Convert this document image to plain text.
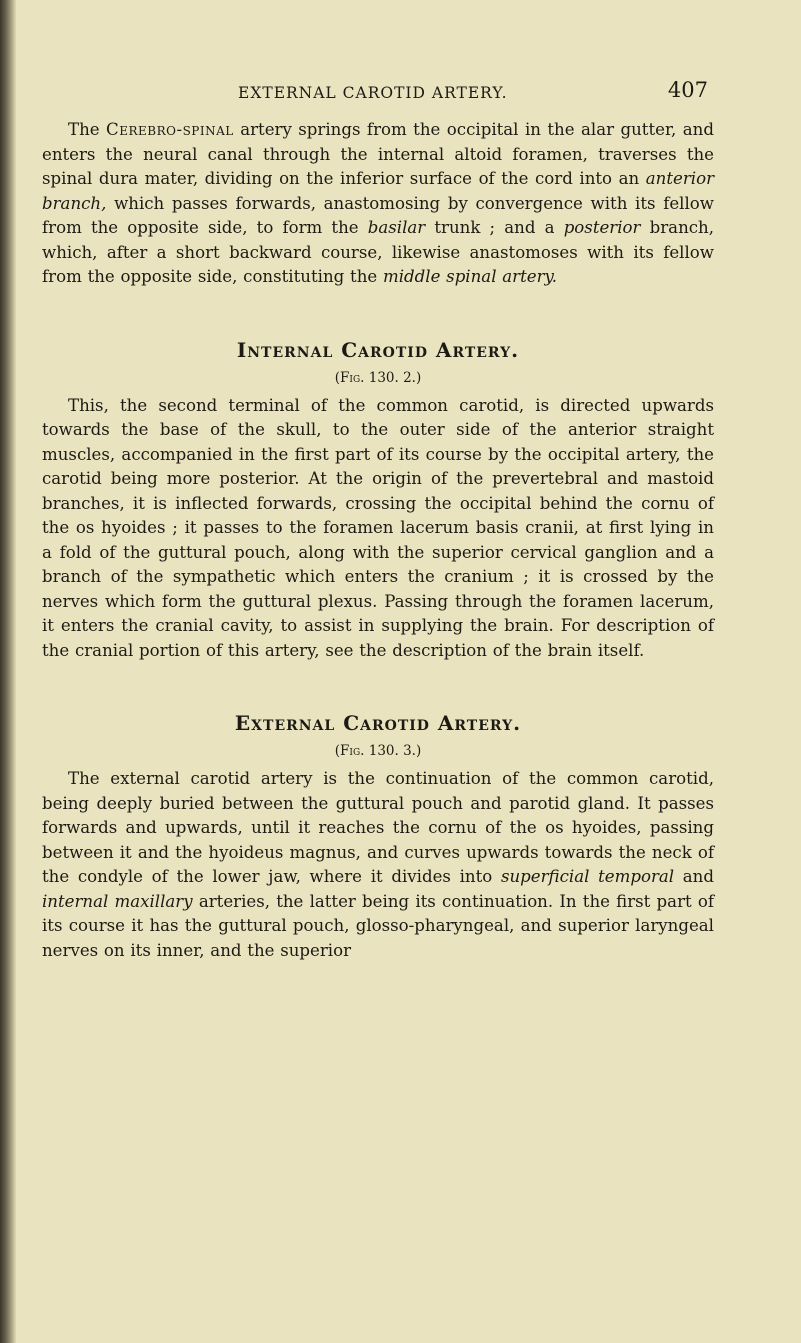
EXTERNAL CAROTID ARTERY.	407

The Cerebro-spinal artery springs from the occipital in the alar gutter, and enters the neural canal through the internal altoid foramen, traverses the spinal dura mater, dividing on the inferior surface of the cord into an anterior branch, which passes forwards, anastomosing by convergence with its fellow from the opposite side, to form the basilar trunk ; and a posterior branch, which, after a short backward course, likewise anastomoses with its fellow from the opposite side, constituting the middle spinal artery.

Internal Carotid Artery.
(Fig. 130. 2.)

This, the second terminal of the common carotid, is directed upwards towards the base of the skull, to the outer side of the anterior straight muscles, accompanied in the first part of its course by the occipital artery, the carotid being more posterior. At the origin of the prevertebral and mastoid branches, it is inflected forwards, crossing the occipital behind the cornu of the os hyoides ; it passes to the foramen lacerum basis cranii, at first lying in a fold of the guttural pouch, along with the superior cervical ganglion and a branch of the sympathetic which enters the cranium ; it is crossed by the nerves which form the guttural plexus. Passing through the foramen lacerum, it enters the cranial cavity, to assist in supplying the brain. For description of the cranial portion of this artery, see the description of the brain itself.

External Carotid Artery.
(Fig. 130. 3.)

The external carotid artery is the continuation of the common carotid, being deeply buried between the guttural pouch and parotid gland. It passes forwards and upwards, until it reaches the cornu of the os hyoides, passing between it and the hyoideus magnus, and curves upwards towards the neck of the condyle of the lower jaw, where it divides into superficial temporal and internal maxillary arteries, the latter being its continuation. In the first part of its course it has the guttural pouch, glosso-pharyngeal, and superior laryngeal nerves on its inner, and the superior
